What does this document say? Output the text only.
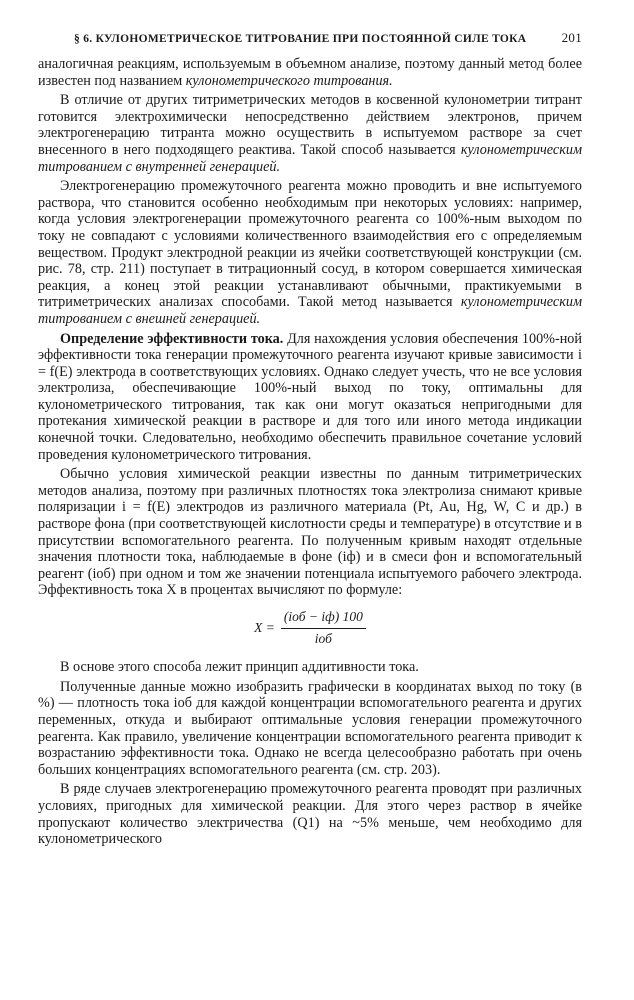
§ 6. КУЛОНОМЕТРИЧЕСКОЕ ТИТРОВАНИЕ ПРИ ПОСТОЯННОЙ СИЛЕ ТОКА	201

аналогичная реакциям, используемым в объемном анализе, поэтому данный метод более известен под названием кулонометрического титрования.

В отличие от других титриметрических методов в косвенной кулонометрии титрант готовится электрохимически непосредственно действием электронов, причем электрогенерацию титранта можно осуществить в испытуемом растворе за счет внесенного в него подходящего реактива. Такой способ называется кулонометрическим титрованием с внутренней генерацией.

Электрогенерацию промежуточного реагента можно проводить и вне испытуемого раствора, что становится особенно необходимым при некоторых условиях: например, когда условия электрогенерации промежуточного реагента со 100%-ным выходом по току не совпадают с условиями количественного взаимодействия его с определяемым веществом. Продукт электродной реакции из ячейки соответствующей конструкции (см. рис. 78, стр. 211) поступает в титрационный сосуд, в котором совершается химическая реакция, а конец этой реакции устанавливают обычными, практикуемыми в титриметрических анализах способами. Такой метод называется кулонометрическим титрованием с внешней генерацией.

Определение эффективности тока. Для нахождения условия обеспечения 100%-ной эффективности тока генерации промежуточного реагента изучают кривые зависимости i = f(E) электрода в соответствующих условиях. Однако следует учесть, что не все условия электролиза, обеспечивающие 100%-ный выход по току, оптимальны для кулонометрического титрования, так как они могут оказаться непригодными для протекания химической реакции в растворе и для того или иного метода индикации конечной точки. Следовательно, необходимо обеспечить правильное сочетание условий проведения кулонометрического титрования.

Обычно условия химической реакции известны по данным титриметрических методов анализа, поэтому при различных плотностях тока электролиза снимают кривые поляризации i = f(E) электродов из различного материала (Pt, Au, Hg, W, C и др.) в растворе фона (при соответствующей кислотности среды и температуре) в отсутствие и в присутствии вспомогательного реагента. По полученным кривым находят отдельные значения плотности тока, наблюдаемые в фоне (iф) и в смеси фон и вспомогательный реагент (iоб) при одном и том же значении потенциала испытуемого рабочего электрода. Эффективность тока X в процентах вычисляют по формуле:

$X = \frac{\text{(iоб − iф) 100}}{\text{iоб}}$

В основе этого способа лежит принцип аддитивности тока.

Полученные данные можно изобразить графически в координатах выход по току (в %) — плотность тока iоб для каждой концентрации вспомогательного реагента и других переменных, откуда и выбирают оптимальные условия генерации промежуточного реагента. Как правило, увеличение концентрации вспомогательного реагента приводит к возрастанию эффективности тока. Однако не всегда целесообразно работать при очень больших концентрациях вспомогательного реагента (см. стр. 203).

В ряде случаев электрогенерацию промежуточного реагента проводят при различных условиях, пригодных для химической реакции. Для этого через раствор в ячейке пропускают количество электричества (Q1) на ~5% меньше, чем необходимо для кулонометрического
